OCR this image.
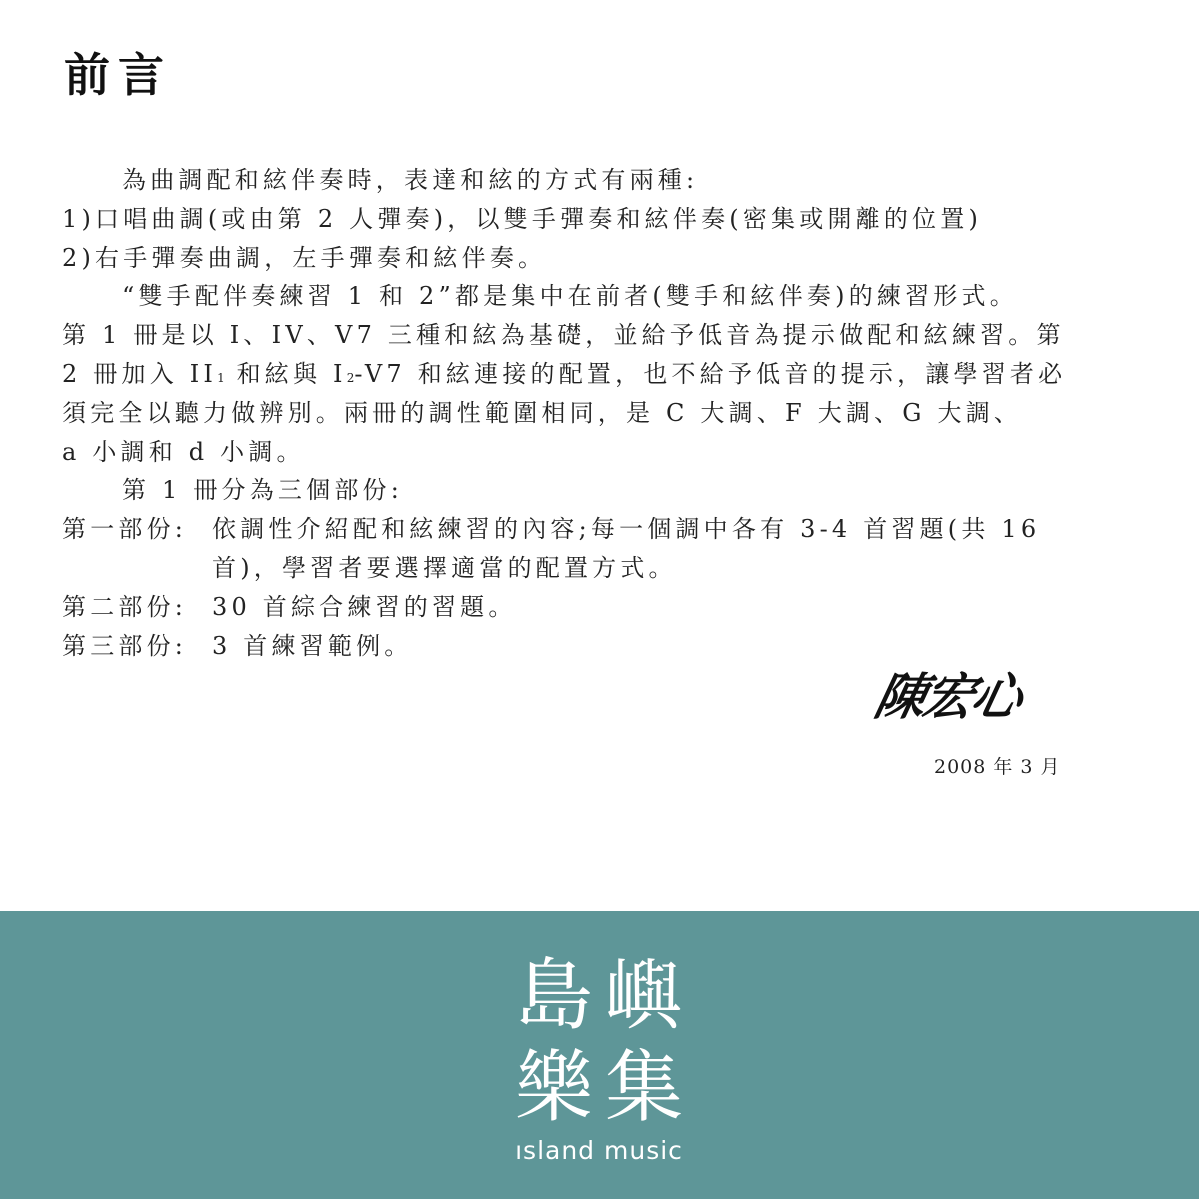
前言
為曲調配和絃伴奏時，表達和絃的方式有兩種:
1)口唱曲調(或由第 2 人彈奏)，以雙手彈奏和絃伴奏(密集或開離的位置)
2)右手彈奏曲調，左手彈奏和絃伴奏。
“雙手配伴奏練習 1 和 2”都是集中在前者(雙手和絃伴奏)的練習形式。
第 1 冊是以 I、IV、V7 三種和絃為基礎，並給予低音為提示做配和絃練習。第
2 冊加入 II1 和絃與 I2-V7 和絃連接的配置，也不給予低音的提示，讓學習者必
須完全以聽力做辨別。兩冊的調性範圍相同，是 C 大調、F 大調、G 大調、
a 小調和 d 小調。
第 1 冊分為三個部份:
第一部份:	依調性介紹配和絃練習的內容;每一個調中各有 3-4 首習題(共 16
首)，學習者要選擇適當的配置方式。
第二部份:	30 首綜合練習的習題。
第三部份:	3 首練習範例。
陳宏心
2008 年 3 月
島 嶼
樂 集
ısland music
